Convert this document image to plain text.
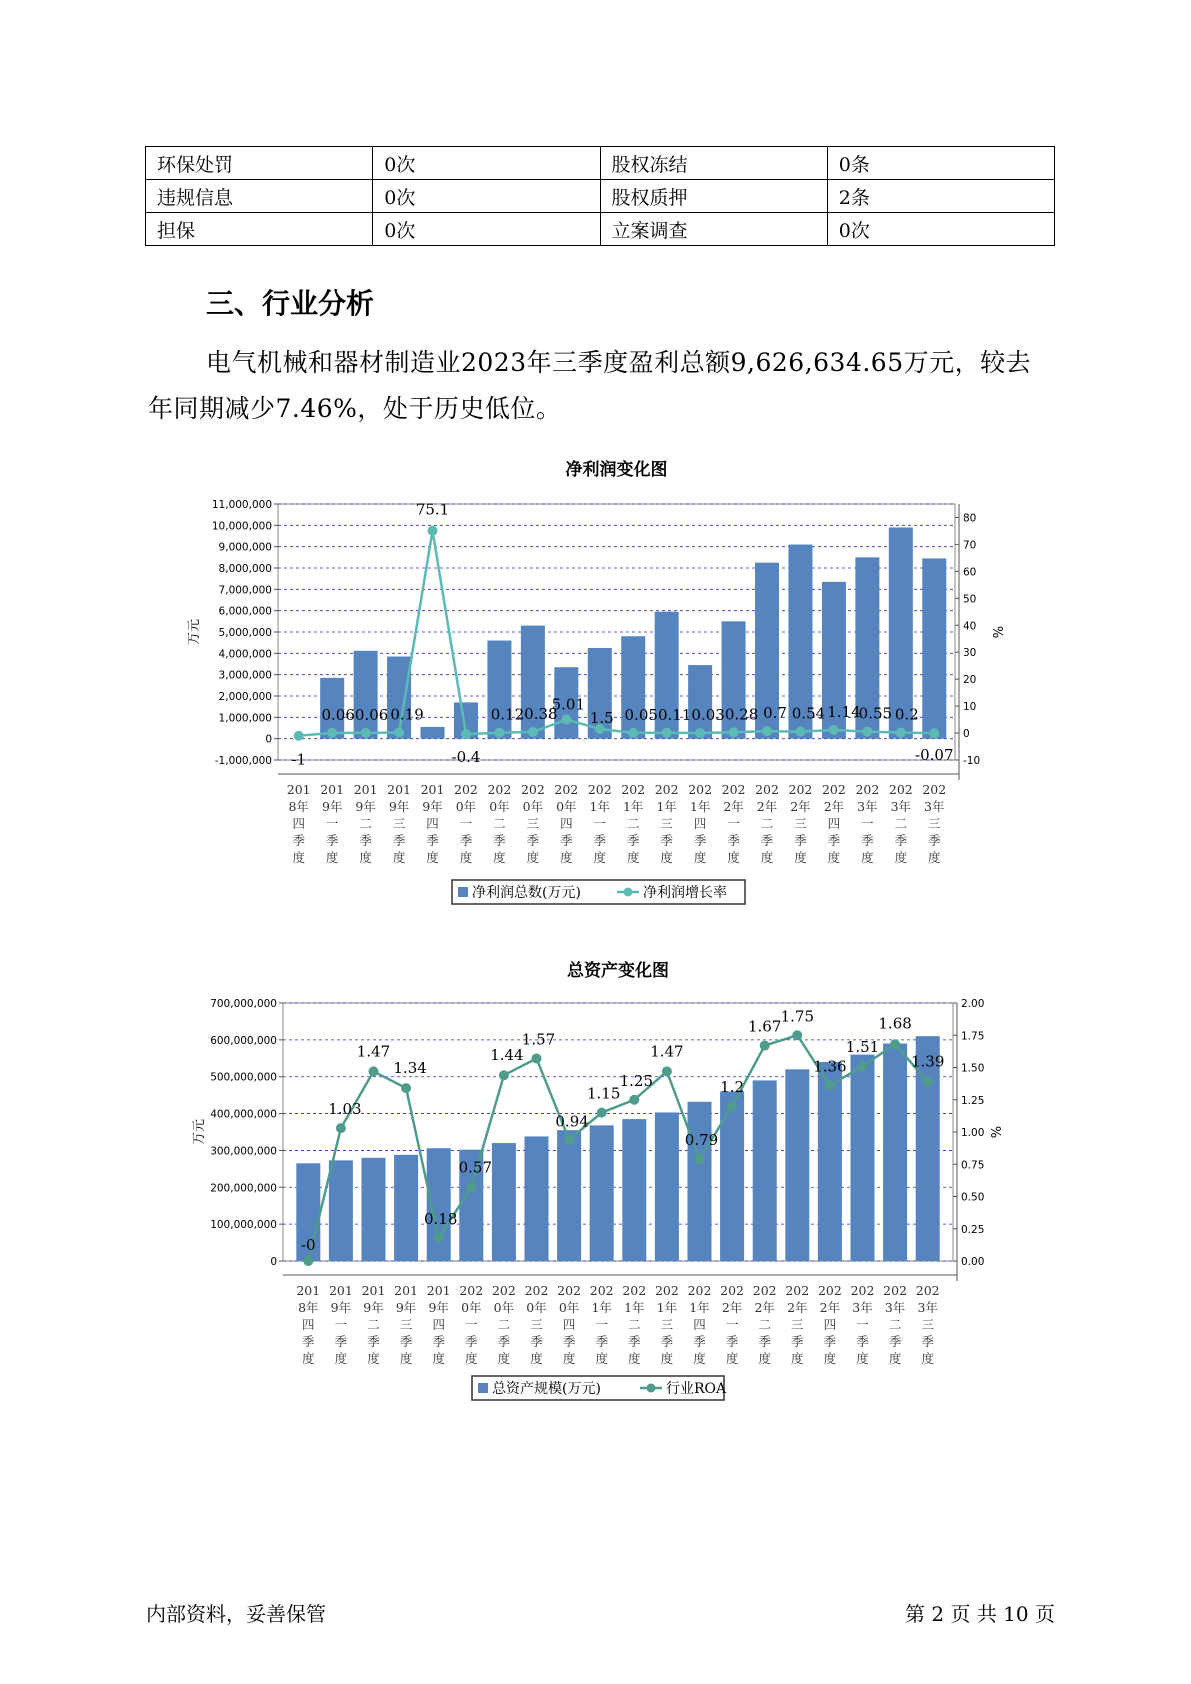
环保处罚	0次	股权冻结	0条
违规信息	0次	股权质押	2条
担保	0次	立案调查	0次
三、行业分析

电气机械和器材制造业2023年三季度盈利总额9,626,634.65万元，较去年同期减少7.46%，处于历史低位。

净利润变化图
11,000,000
10,000,000
9,000,000
8,000,000
7,000,000
6,000,000
5,000,000
4,000,000
3,000,000
2,000,000
1,000,000
0
-1,000,000
80
70
60
50
40
30
20
10
0
-10
万元	%
-1
0.06 0.06 0.19
75.1
-0.4
0.12 0.38
5.01
1.5 0.05 0.11 0.03 0.28 0.7 0.54 1.14
0.55 0.2
-0.07
201
8年
四
季
度
201
9年
一
季
度
201
9年
二
季
度
201
9年
三
季
度
201
9年
四
季
度
202
0年
一
季
度
202
0年
二
季
度
202
0年
三
季
度
202
0年
四
季
度
202
1年
一
季
度
202
1年
二
季
度
202
1年
三
季
度
202
1年
四
季
度
202
2年
一
季
度
202
2年
二
季
度
202
2年
三
季
度
202
2年
四
季
度
202
3年
一
季
度
202
3年
二
季
度
202
3年
三
季
度
净利润总数(万元)	净利润增长率
总资产变化图
700,000,000
600,000,000
500,000,000
400,000,000
300,000,000
200,000,000
100,000,000
0
2.00
1.75
1.50
1.25
1.00
0.75
0.50
0.25
0.00
万元	%
-0
1.03
1.47
1.34
0.18
0.57
1.44
1.57
0.94
1.15
1.25
1.47
0.79
1.2
1.67
1.75
1.36
1.51
1.68
1.39
201
8年
四
季
度
201
9年
一
季
度
201
9年
二
季
度
201
9年
三
季
度
201
9年
四
季
度
202
0年
一
季
度
202
0年
二
季
度
202
0年
三
季
度
202
0年
四
季
度
202
1年
一
季
度
202
1年
二
季
度
202
1年
三
季
度
202
1年
四
季
度
202
2年
一
季
度
202
2年
二
季
度
202
2年
三
季
度
202
2年
四
季
度
202
3年
一
季
度
202
3年
二
季
度
202
3年
三
季
度
总资产规模(万元)	行业ROA
内部资料，妥善保管	第 2 页 共 10 页
